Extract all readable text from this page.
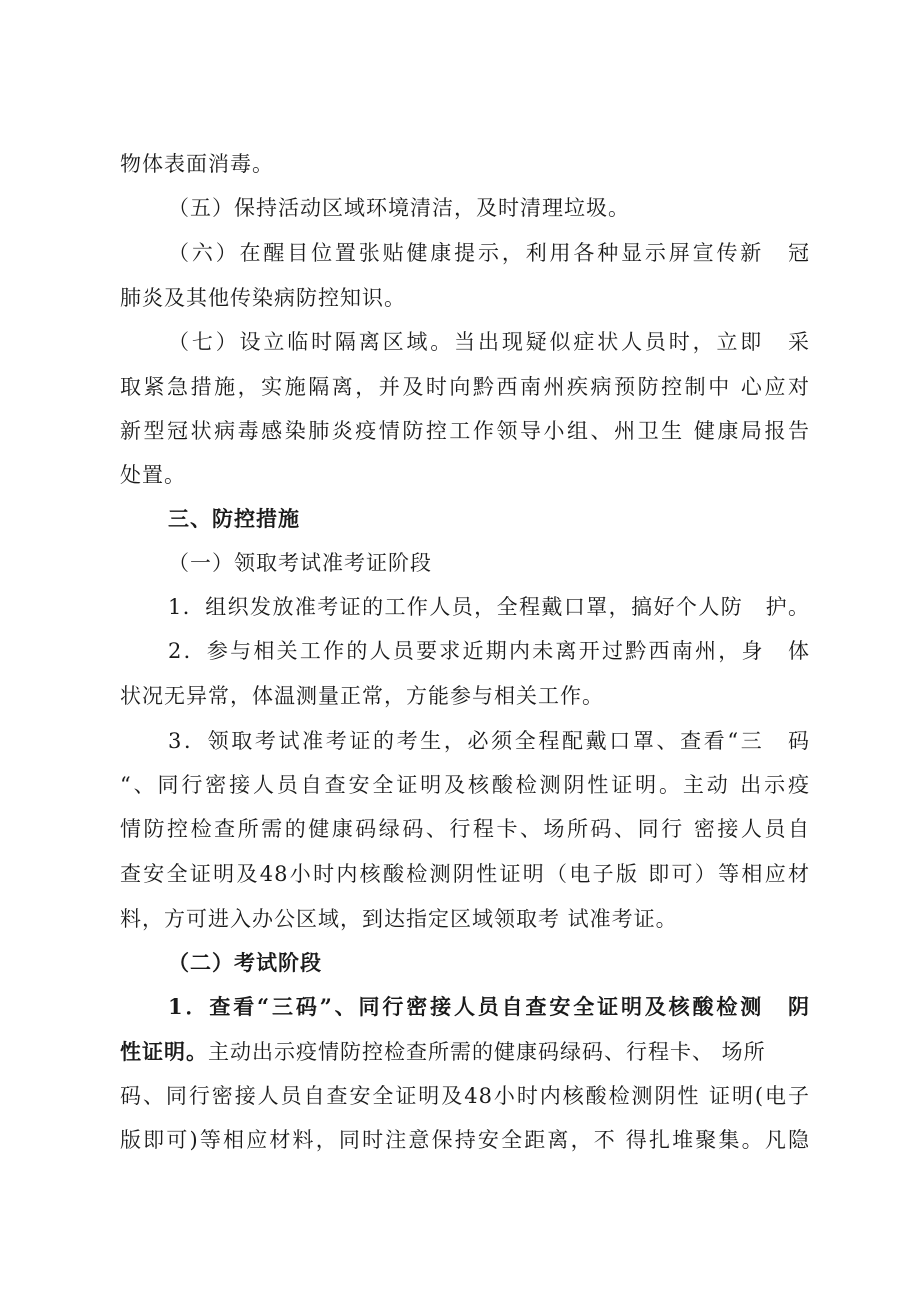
物体表面消毒。
（五）保持活动区域环境清洁，及时清理垃圾。
（六）在醒目位置张贴健康提示，利用各种显示屏宣传新　冠
肺炎及其他传染病防控知识。
（七）设立临时隔离区域。当出现疑似症状人员时，立即　采
取紧急措施，实施隔离，并及时向黔西南州疾病预防控制中 心应对
新型冠状病毒感染肺炎疫情防控工作领导小组、州卫生 健康局报告
处置。
三、防控措施
（一）领取考试准考证阶段
1．组织发放准考证的工作人员，全程戴口罩，搞好个人防　护。
2．参与相关工作的人员要求近期内未离开过黔西南州，身　体
状况无异常，体温测量正常，方能参与相关工作。
3．领取考试准考证的考生，必须全程配戴口罩、查看“三　码
“、同行密接人员自查安全证明及核酸检测阴性证明。主动 出示疫
情防控检查所需的健康码绿码、行程卡、场所码、同行 密接人员自
查安全证明及48小时内核酸检测阴性证明（电子版 即可）等相应材
料，方可进入办公区域，到达指定区域领取考 试准考证。
（二）考试阶段
1．查看“三码”、同行密接人员自查安全证明及核酸检测　阴
性证明。主动出示疫情防控检查所需的健康码绿码、行程卡、 场所
码、同行密接人员自查安全证明及48小时内核酸检测阴性 证明(电子
版即可)等相应材料，同时注意保持安全距离，不 得扎堆聚集。凡隐
